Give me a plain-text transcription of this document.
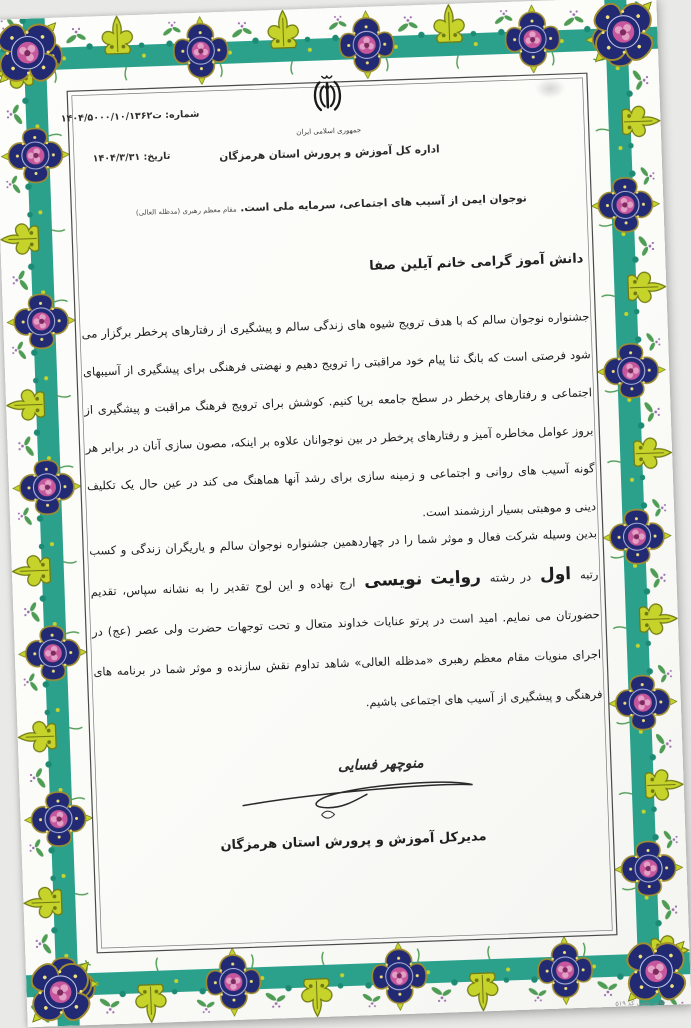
شماره: ت۱۴۰۴/۵۰۰۰/۱۰/۱۳۶۲
تاریخ: ۱۴۰۴/۳/۳۱
جمهوری اسلامی ایران
اداره کل آموزش و پرورش استان هرمزگان
نوجوان ایمن از آسیب های اجتماعی، سرمایه ملی است. مقام معظم رهبری (مدظله العالی)
دانش آموز گرامی خانم آیلین صفا

جشنواره نوجوان سالم که با هدف ترویج شیوه های زندگی سالم و پیشگیری از رفتارهای پرخطر برگزار می شود فرصتی است که بانگ ثنا پیام خود مراقبتی را ترویج دهیم و نهضتی فرهنگی برای پیشگیری از آسیبهای اجتماعی و رفتارهای پرخطر در سطح جامعه برپا کنیم. کوشش برای ترویج فرهنگ مراقبت و پیشگیری از بروز عوامل مخاطره آمیز و رفتارهای پرخطر در بین نوجوانان علاوه بر اینکه، مصون سازی آنان در برابر هر گونه آسیب های روانی و اجتماعی و زمینه سازی برای رشد آنها هماهنگ می کند در عین حال یک تکلیف دینی و موهبتی بسیار ارزشمند است.

بدین وسیله شرکت فعال و موثر شما را در چهاردهمین جشنواره نوجوان سالم و یاریگران زندگی و کسب رتبه اول در رشته روایت نویسی ارج نهاده و این لوح تقدیر را به نشانه سپاس، تقدیم حضورتان می نمایم. امید است در پرتو عنایات خداوند متعال و تحت توجهات حضرت ولی عصر (عج) در اجرای منویات مقام معظم رهبری «مدظله العالی» شاهد تداوم نقش سازنده و موثر شما در برنامه های فرهنگی و پیشگیری از آسیب های اجتماعی باشیم.

منوچهر فسایی
مدیرکل آموزش و پرورش استان هرمزگان
چاپ نجفی کد ۵۱۹
